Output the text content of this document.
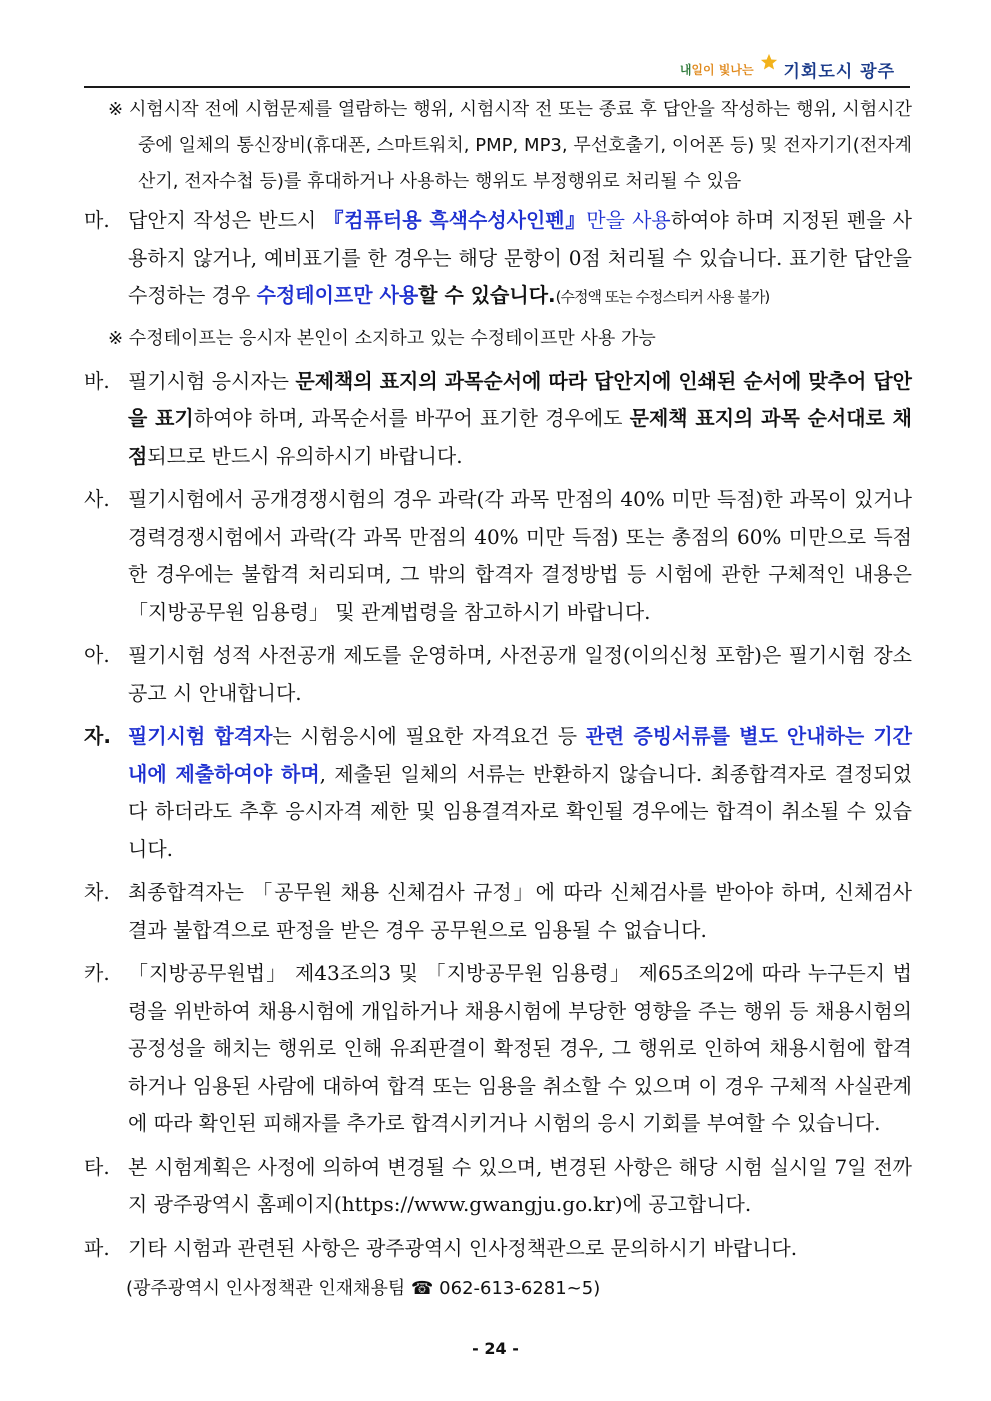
내일이 빛나는 기회도시 광주

※ 시험시작 전에 시험문제를 열람하는 행위, 시험시작 전 또는 종료 후 답안을 작성하는 행위, 시험시간 중에 일체의 통신장비(휴대폰, 스마트워치, PMP, MP3, 무선호출기, 이어폰 등) 및 전자기기(전자계산기, 전자수첩 등)를 휴대하거나 사용하는 행위도 부정행위로 처리될 수 있음

마. 답안지 작성은 반드시 『컴퓨터용 흑색수성사인펜』만을 사용하여야 하며 지정된 펜을 사용하지 않거나, 예비표기를 한 경우는 해당 문항이 0점 처리될 수 있습니다. 표기한 답안을 수정하는 경우 수정테이프만 사용할 수 있습니다.(수정액 또는 수정스티커 사용 불가)
※ 수정테이프는 응시자 본인이 소지하고 있는 수정테이프만 사용 가능
바. 필기시험 응시자는 문제책의 표지의 과목순서에 따라 답안지에 인쇄된 순서에 맞추어 답안을 표기하여야 하며, 과목순서를 바꾸어 표기한 경우에도 문제책 표지의 과목 순서대로 채점되므로 반드시 유의하시기 바랍니다.
사. 필기시험에서 공개경쟁시험의 경우 과락(각 과목 만점의 40% 미만 득점)한 과목이 있거나 경력경쟁시험에서 과락(각 과목 만점의 40% 미만 득점) 또는 총점의 60% 미만으로 득점한 경우에는 불합격 처리되며, 그 밖의 합격자 결정방법 등 시험에 관한 구체적인 내용은 「지방공무원 임용령」 및 관계법령을 참고하시기 바랍니다.
아. 필기시험 성적 사전공개 제도를 운영하며, 사전공개 일정(이의신청 포함)은 필기시험 장소 공고 시 안내합니다.
자. 필기시험 합격자는 시험응시에 필요한 자격요건 등 관련 증빙서류를 별도 안내하는 기간 내에 제출하여야 하며, 제출된 일체의 서류는 반환하지 않습니다. 최종합격자로 결정되었다 하더라도 추후 응시자격 제한 및 임용결격자로 확인될 경우에는 합격이 취소될 수 있습니다.
차. 최종합격자는 「공무원 채용 신체검사 규정」에 따라 신체검사를 받아야 하며, 신체검사 결과 불합격으로 판정을 받은 경우 공무원으로 임용될 수 없습니다.
카. 「지방공무원법」 제43조의3 및 「지방공무원 임용령」 제65조의2에 따라 누구든지 법령을 위반하여 채용시험에 개입하거나 채용시험에 부당한 영향을 주는 행위 등 채용시험의 공정성을 해치는 행위로 인해 유죄판결이 확정된 경우, 그 행위로 인하여 채용시험에 합격하거나 임용된 사람에 대하여 합격 또는 임용을 취소할 수 있으며 이 경우 구체적 사실관계에 따라 확인된 피해자를 추가로 합격시키거나 시험의 응시 기회를 부여할 수 있습니다.
타. 본 시험계획은 사정에 의하여 변경될 수 있으며, 변경된 사항은 해당 시험 실시일 7일 전까지 광주광역시 홈페이지(https://www.gwangju.go.kr)에 공고합니다.
파. 기타 시험과 관련된 사항은 광주광역시 인사정책관으로 문의하시기 바랍니다.
(광주광역시 인사정책관 인재채용팀 ☎ 062-613-6281~5)
- 24 -
